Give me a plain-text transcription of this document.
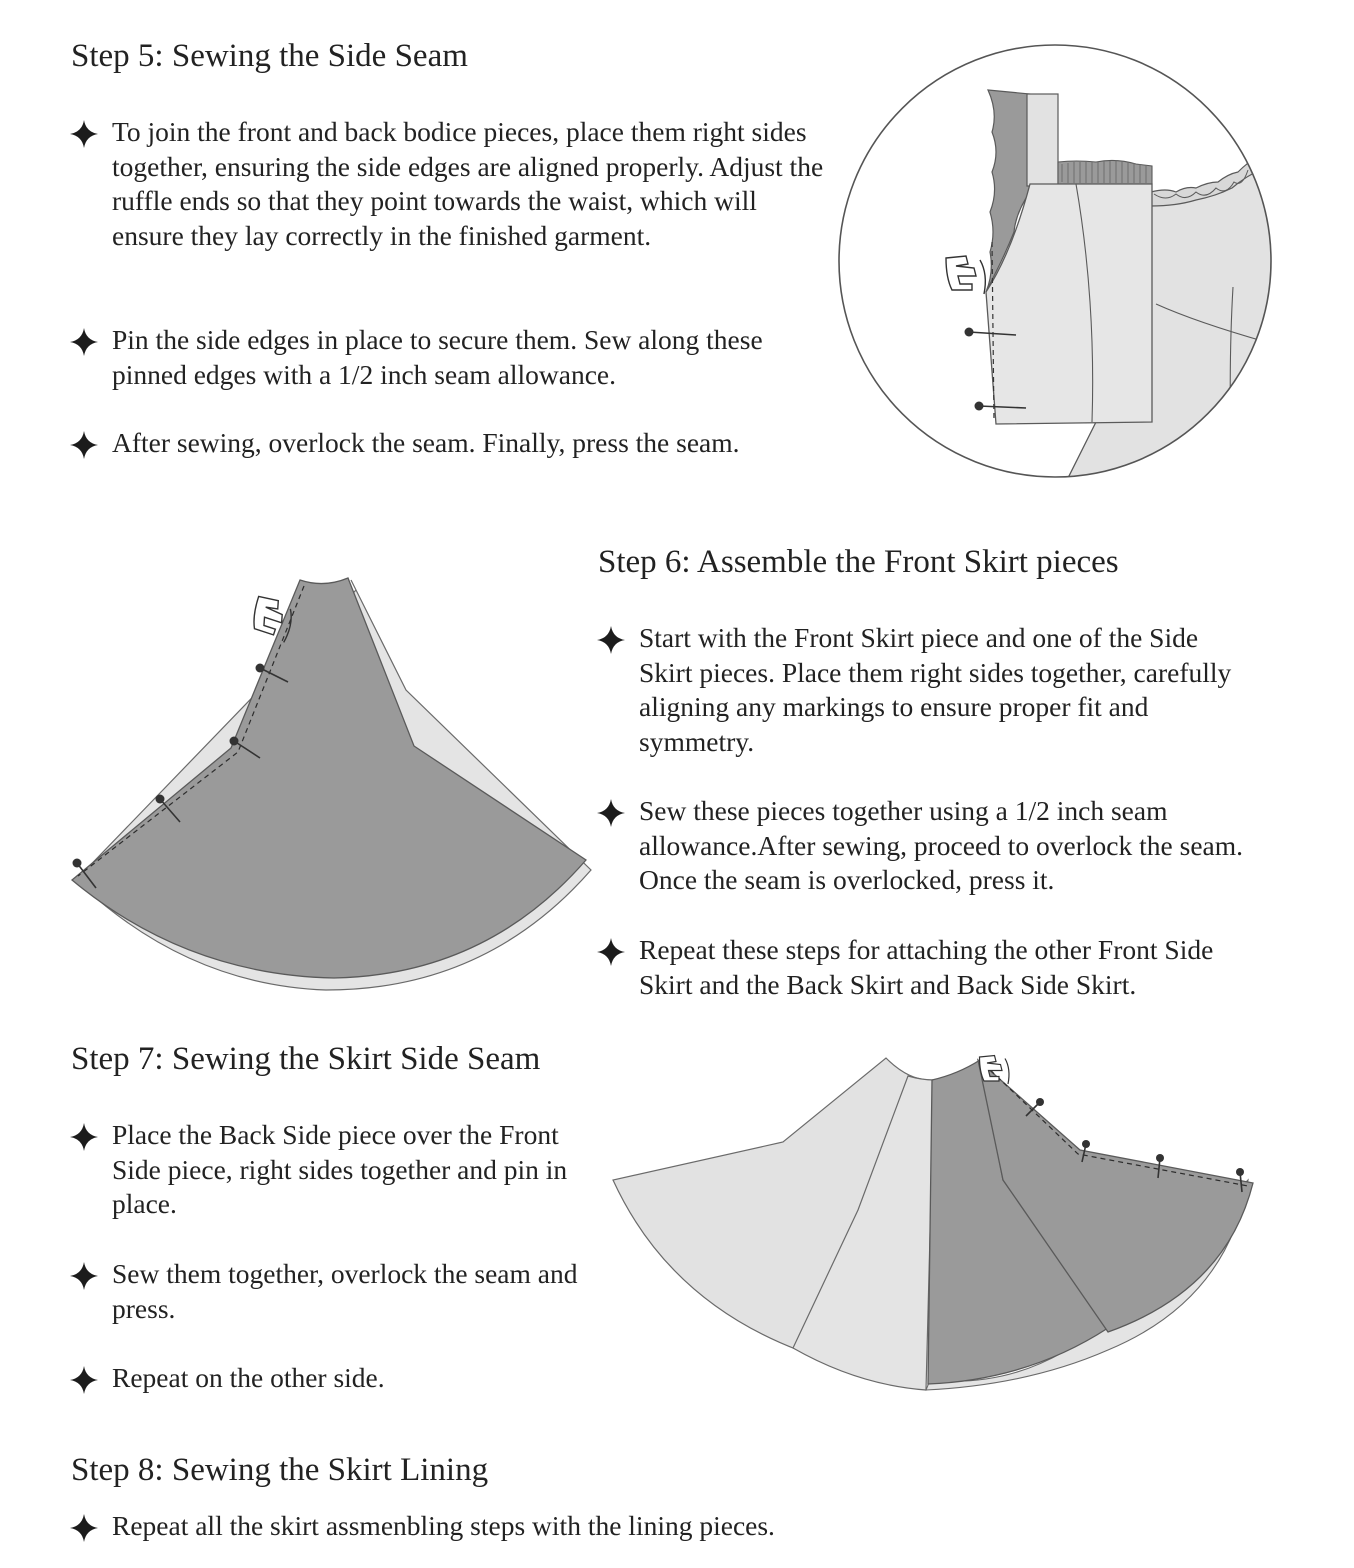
Step 5: Sewing the Side Seam
To join the front and back bodice pieces, place them right sides together, ensuring the side edges are aligned properly. Adjust the ruffle ends so that they point towards the waist, which will ensure they lay correctly in the finished garment.
Pin the side edges in place to secure them. Sew along these pinned edges with a 1/2 inch seam allowance.
After sewing, overlock the seam. Finally, press the seam.
Step 6: Assemble the Front Skirt pieces
Start with the Front Skirt piece and one of the Side Skirt pieces. Place them right sides together, carefully aligning any markings to ensure proper fit and symmetry.
Sew these pieces together using a 1/2 inch seam allowance.After sewing, proceed to overlock the seam. Once the seam is overlocked, press it.
Repeat these steps for attaching the other Front Side Skirt and the Back Skirt and Back Side Skirt.
Step 7: Sewing the Skirt Side Seam
Place the Back Side piece over the Front Side piece, right sides together and pin in place.
Sew them together, overlock the seam and press.
Repeat on the other side.
Step 8: Sewing the Skirt Lining
Repeat all the skirt assmenbling steps with the lining pieces.
